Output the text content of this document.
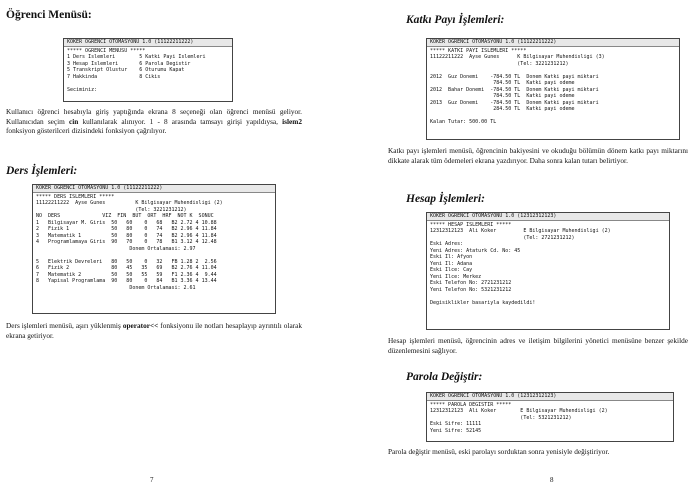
Öğrenci Menüsü:
KOKER OGRENCI OTOMASYONU 1.0 (11122211222)
***** OGRENCI MENUSU *****
1 Ders Islemleri        5 Katki Payi Islemleri
3 Hesap Islemleri       6 Parola Degistir
5 Transkript Olustur    6 Oturumu Kapat
7 Hakkinda              8 Cikis
Seciminiz:

Kullanıcı öğrenci hesabıyla giriş yaptığında ekrana 8 seçeneği olan öğrenci menüsü geliyor. Kullanıcıdan seçim cin kullanılarak alınıyor. 1 - 8 arasında tamsayı girişi yapıldıysa, islem2 fonksiyon gösterilceri dizisindeki fonksiyon çağrılıyor.

Ders İşlemleri:
KOKER OGRENCI OTOMASYONU 1.0 (11122211222)
***** DERS ISLEMLERI *****
11122211222  Ayse Gunes          K Bilgisayar Muhendisligi (2)
(Tel: 3221231212)
NO  DERS              VIZ  FIN  BUT  ORT  HRF  NOT K  SONUC
1   Bilgisayar M. Giris  50   60    0   68   B2 2.72 4 10.88
2   Fizik 1              50   80    0   74   B2 2.96 4 11.84
3   Matematik 1          50   80    0   74   B2 2.96 4 11.84
4   Programlamaya Giris  90   70    0   78   B1 3.12 4 12.48
Donem Ortalamasi: 2.97
5   Elektrik Devreleri   80   50    0   32   FB 1.28 2  2.56
6   Fizik 2              80   45   35   69   B2 2.76 4 11.04
7   Matematik 2          50   50   55   59   F1 2.36 4  9.44
8   Yapisal Programlama  90   80    0   84   B1 3.36 4 13.44
Donem Ortalamasi: 2.61

Ders işlemleri menüsü, aşırı yüklenmiş operator<< fonksiyonu ile notları hesaplayıp ayrıntılı olarak ekrana getiriyor.

7
Katkı Payı İşlemleri:
KOKER OGRENCI OTOMASYONU 1.0 (11122211222)
***** KATKI PAYI ISLEMLERI *****
11122211222  Ayse Gunes      K Bilgisayar Muhendisligi (3)
(Tel: 3221231212)
2012  Guz Donemi    -784.50 TL  Donem Katki payi miktari
784.50 TL  Katki payi odeme
2012  Bahar Donemi  -784.50 TL  Donem Katki payi miktari
784.50 TL  Katki payi odeme
2013  Guz Donemi    -784.50 TL  Donem Katki payi miktari
284.50 TL  Katki payi odeme
Kalan Tutar: 500.00 TL

Katkı payı işlemleri menüsü, öğrencinin bakiyesini ve okuduğu bölümün dönem katkı payı miktarını dikkate alarak tüm ödemeleri ekrana yazdırıyor. Daha sonra kalan tutarı belirtiyor.

Hesap İşlemleri:
KOKER OGRENCI OTOMASYONU 1.0 (12312312123)
***** HESAP ISLEMLERI *****
12312312123  Ali Koker         E Bilgisayar Muhendisligi (2)
(Tel: 2721231212)
Eski Adres:
Yeni Adres: Ataturk Cd. No: 45
Eski Il: Afyon
Yeni Il: Adana
Eski Ilce: Cay
Yeni Ilce: Merkez
Eski Telefon No: 2721231212
Yeni Telefon No: 5321231212
Degisiklikler basariyla kaydedildi!

Hesap işlemleri menüsü, öğrencinin adres ve iletişim bilgilerini yönetici menüsüne benzer şekilde düzenlemesini sağlıyor.

Parola Değiştir:
KOKER OGRENCI OTOMASYONU 1.0 (12312312123)
***** PAROLA DEGISTIR *****
12312312123  Ali Koker        E Bilgisayar Muhendisligi (2)
(Tel: 5321231212)
Eski Sifre: 11111
Yeni Sifre: 52145

Parola değiştir menüsü, eski parolayı sorduktan sonra yenisiyle değiştiriyor.

8
